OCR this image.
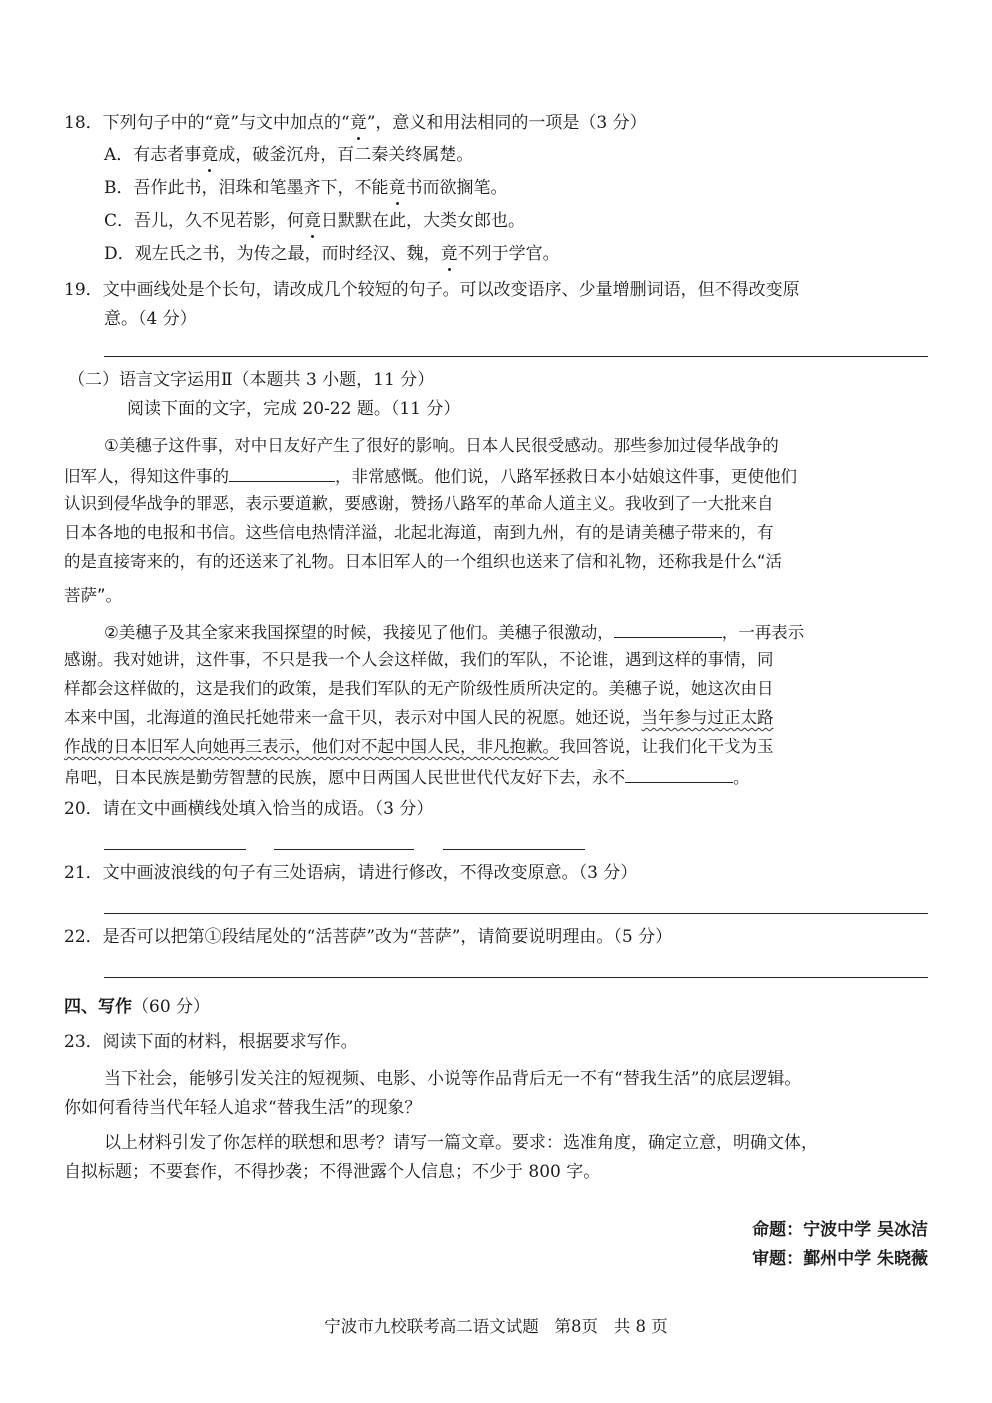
18．下列句子中的“竟”与文中加点的“竟”，意义和用法相同的一项是（3 分）
A．有志者事竟成，破釜沉舟，百二秦关终属楚。
B．吾作此书，泪珠和笔墨齐下，不能竟书而欲搁笔。
C．吾儿，久不见若影，何竟日默默在此，大类女郎也。
D．观左氏之书，为传之最，而时经汉、魏，竟不列于学官。
19．文中画线处是个长句，请改成几个较短的句子。可以改变语序、少量增删词语，但不得改变原
意。（4 分）
（二）语言文字运用Ⅱ（本题共 3 小题，11 分）
阅读下面的文字，完成 20-22 题。（11 分）
①美穗子这件事，对中日友好产生了很好的影响。日本人民很受感动。那些参加过侵华战争的
旧军人，得知这件事的	，非常感慨。他们说，八路军拯救日本小姑娘这件事，更使他们
认识到侵华战争的罪恶，表示要道歉，要感谢，赞扬八路军的革命人道主义。我收到了一大批来自
日本各地的电报和书信。这些信电热情洋溢，北起北海道，南到九州，有的是请美穗子带来的，有
的是直接寄来的，有的还送来了礼物。日本旧军人的一个组织也送来了信和礼物，还称我是什么“活
菩萨”。
②美穗子及其全家来我国探望的时候，我接见了他们。美穗子很激动，	，一再表示
感谢。我对她讲，这件事，不只是我一个人会这样做，我们的军队，不论谁，遇到这样的事情，同
样都会这样做的，这是我们的政策，是我们军队的无产阶级性质所决定的。美穗子说，她这次由日
本来中国，北海道的渔民托她带来一盒干贝，表示对中国人民的祝愿。她还说，当年参与过正太路
作战的日本旧军人向她再三表示，他们对不起中国人民，非凡抱歉。我回答说，让我们化干戈为玉
帛吧，日本民族是勤劳智慧的民族，愿中日两国人民世世代代友好下去，永不	。
20．请在文中画横线处填入恰当的成语。（3 分）
21．文中画波浪线的句子有三处语病，请进行修改，不得改变原意。（3 分）
22．是否可以把第①段结尾处的“活菩萨”改为“菩萨”，请简要说明理由。（5 分）
四、写作（60 分）
23．阅读下面的材料，根据要求写作。
当下社会，能够引发关注的短视频、电影、小说等作品背后无一不有“替我生活”的底层逻辑。
你如何看待当代年轻人追求“替我生活”的现象？
以上材料引发了你怎样的联想和思考？请写一篇文章。要求：选准角度，确定立意，明确文体，
自拟标题；不要套作，不得抄袭；不得泄露个人信息；不少于 800 字。
命题：宁波中学 吴冰洁
审题：鄞州中学 朱晓薇
宁波市九校联考高二语文试题   第8页   共 8 页
